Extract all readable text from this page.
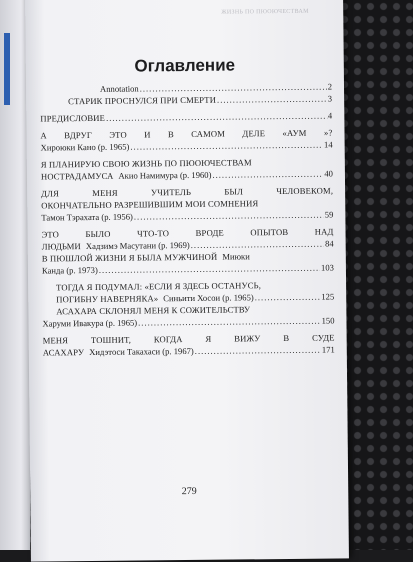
ЖИЗНЬ ПО ПЮОЮЧЕСТВАМ
Оглавление
Annotation .....	2
СТАРИК ПРОСНУЛСЯ ПРИ СМЕРТИ .....	3
ПРЕДИСЛОВИЕ .....	4
А ВДРУГ ЭТО И В САМОМ ДЕЛЕ «АУМ »?
Хироюки Кано (р. 1965) .....	14
Я ПЛАНИРУЮ СВОЮ ЖИЗНЬ ПО ПЮОЮЧЕСТВАМ
НОСТРАДАМУСА Акио Намимура (р. 1960) .....	40
ДЛЯ	МЕНЯ	УЧИТЕЛЬ	БЫЛ	ЧЕЛОВЕКОМ,
ОКОНЧАТЕЛЬНО РАЗРЕШИВШИМ МОИ СОМНЕНИЯ
Тамон Тэрахата (р. 1956) .....	59
ЭТО	БЫЛО	ЧТО-ТО	ВРОДЕ	ОПЫТОВ	НАД
ЛЮДЬМИ Хадзимэ Масутани (р. 1969) .....	84
В ПЮШЛОЙ ЖИЗНИ Я БЫЛА МУЖЧИНОЙ Миюки
Канда (р. 1973) .....	103
ТОГДА Я ПОДУМАЛ: «ЕСЛИ Я ЗДЕСЬ ОСТАНУСЬ,
ПОГИБНУ НАВЕРНЯКА» Синьити Хосои (р. 1965) .....	125
АСАХАРА СКЛОНЯЛ МЕНЯ К СОЖИТЕЛЬСТВУ
Харуми Ивакура (р. 1965) .....	150
МЕНЯ	ТОШНИТ,	КОГДА	Я	ВИЖУ	В	СУДЕ
АСАХАРУ Хидэтоси Такахаси (р. 1967) .....	171
279
